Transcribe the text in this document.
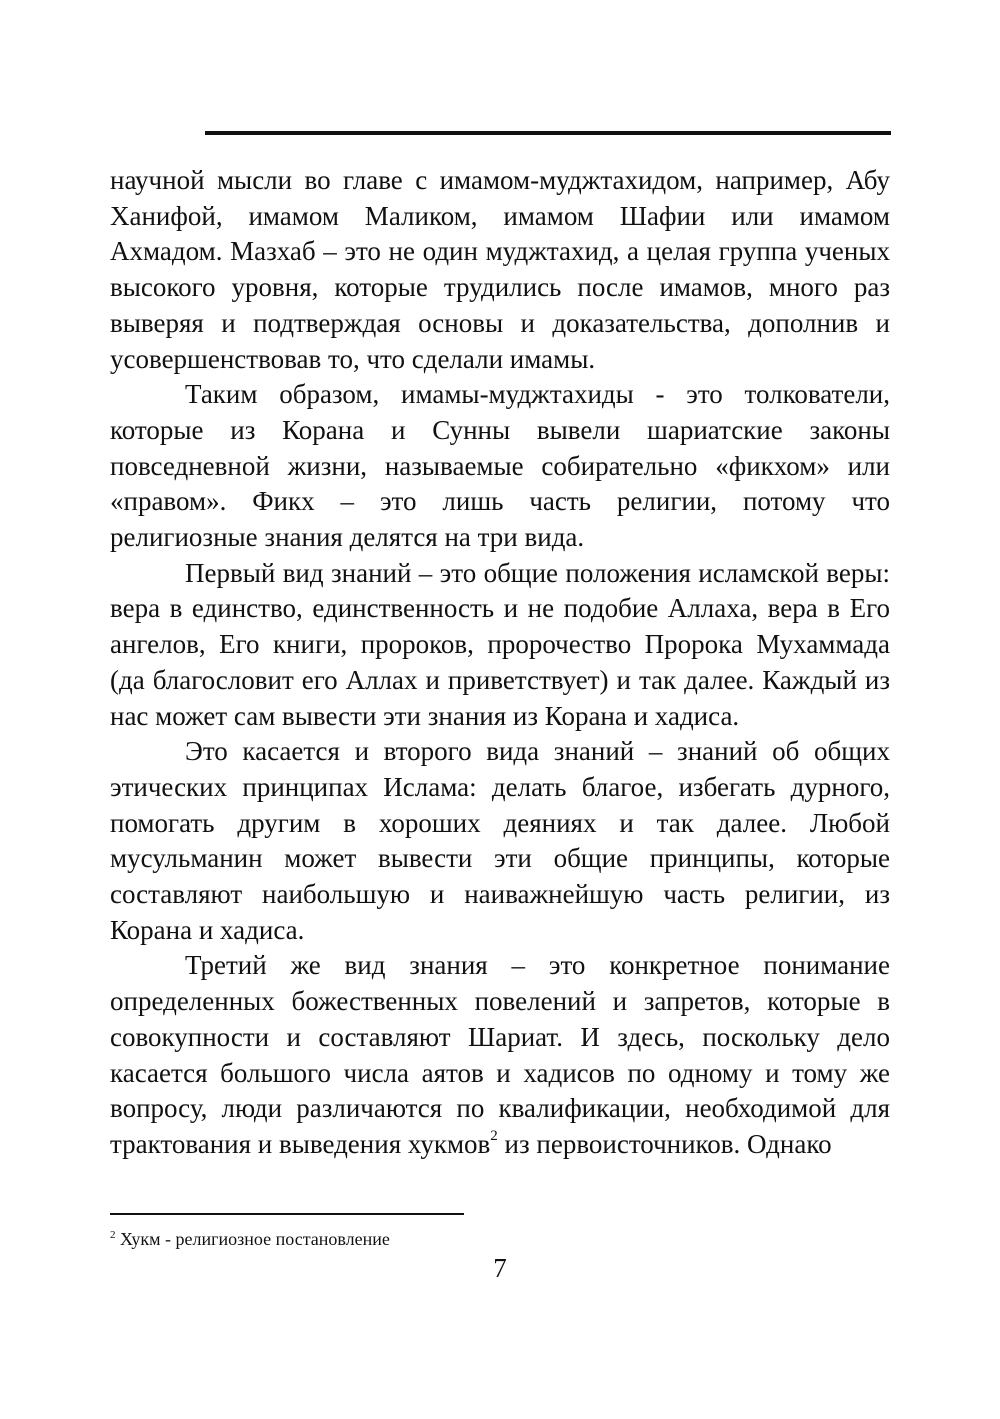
научной мысли во главе с имамом-муджтахидом, например, Абу Ханифой, имамом Маликом, имамом Шафии или имамом Ахмадом. Мазхаб – это не один муджтахид, а целая группа ученых высокого уровня, которые трудились после имамов, много раз выверяя и подтверждая основы и доказательства, дополнив и усовершенствовав то, что сделали имамы.

Таким образом, имамы-муджтахиды - это толкователи, которые из Корана и Сунны вывели шариатские законы повседневной жизни, называемые собирательно «фикхом» или «правом». Фикх – это лишь часть религии, потому что религиозные знания делятся на три вида.

Первый вид знаний – это общие положения исламской веры: вера в единство, единственность и не подобие Аллаха, вера в Его ангелов, Его книги, пророков, пророчество Пророка Мухаммада (да благословит его Аллах и приветствует) и так далее. Каждый из нас может сам вывести эти знания из Корана и хадиса.

Это касается и второго вида знаний – знаний об общих этических принципах Ислама: делать благое, избегать дурного, помогать другим в хороших деяниях и так далее. Любой мусульманин может вывести эти общие принципы, которые составляют наибольшую и наиважнейшую часть религии, из Корана и хадиса.

Третий же вид знания – это конкретное понимание определенных божественных повелений и запретов, которые в совокупности и составляют Шариат. И здесь, поскольку дело касается большого числа аятов и хадисов по одному и тому же вопросу, люди различаются по квалификации, необходимой для трактования и выведения хукмов$^2$ из первоисточников. Однако

$^2$ Хукм - религиозное постановление
7
